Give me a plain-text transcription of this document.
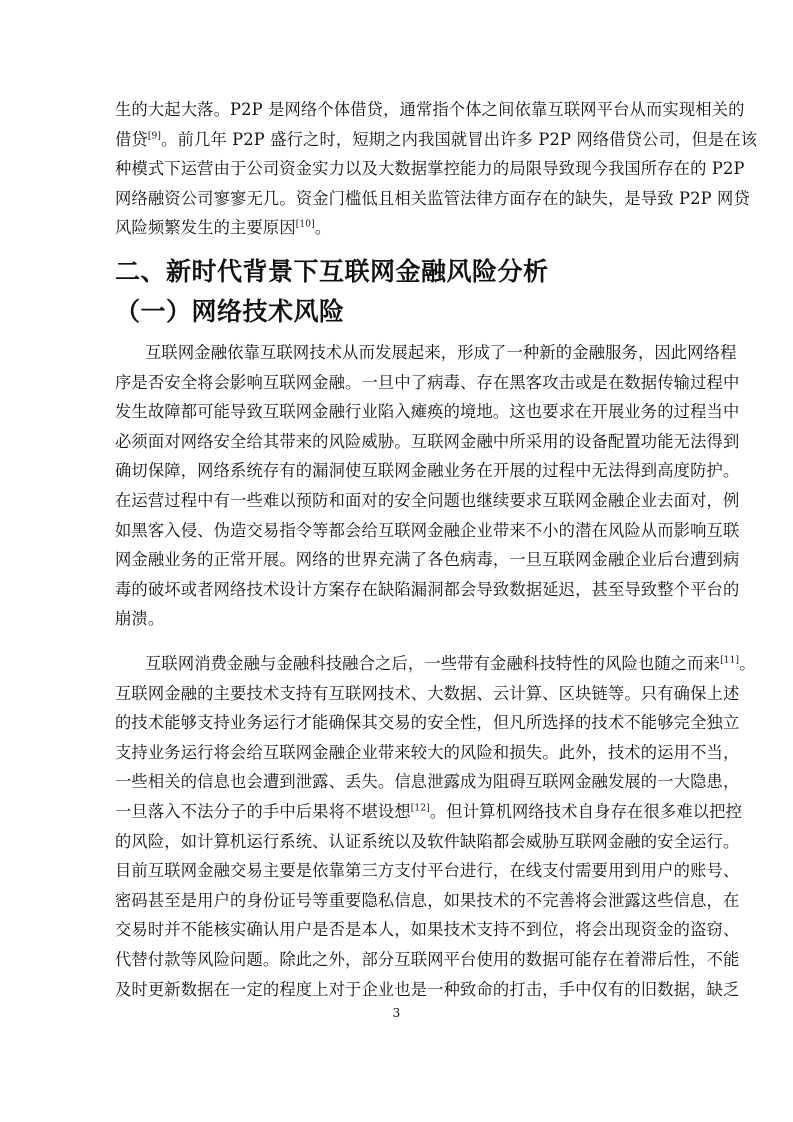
生的大起大落。P2P 是网络个体借贷，通常指个体之间依靠互联网平台从而实现相关的
借贷[9]。前几年 P2P 盛行之时，短期之内我国就冒出许多 P2P 网络借贷公司，但是在该
种模式下运营由于公司资金实力以及大数据掌控能力的局限导致现今我国所存在的 P2P
网络融资公司寥寥无几。资金门槛低且相关监管法律方面存在的缺失，是导致 P2P 网贷
风险频繁发生的主要原因[10]。
二、新时代背景下互联网金融风险分析
（一）网络技术风险
互联网金融依靠互联网技术从而发展起来，形成了一种新的金融服务，因此网络程
序是否安全将会影响互联网金融。一旦中了病毒、存在黑客攻击或是在数据传输过程中
发生故障都可能导致互联网金融行业陷入瘫痪的境地。这也要求在开展业务的过程当中
必须面对网络安全给其带来的风险威胁。互联网金融中所采用的设备配置功能无法得到
确切保障，网络系统存有的漏洞使互联网金融业务在开展的过程中无法得到高度防护。
在运营过程中有一些难以预防和面对的安全问题也继续要求互联网金融企业去面对，例
如黑客入侵、伪造交易指令等都会给互联网金融企业带来不小的潜在风险从而影响互联
网金融业务的正常开展。网络的世界充满了各色病毒，一旦互联网金融企业后台遭到病
毒的破坏或者网络技术设计方案存在缺陷漏洞都会导致数据延迟，甚至导致整个平台的
崩溃。
互联网消费金融与金融科技融合之后，一些带有金融科技特性的风险也随之而来[11]。
互联网金融的主要技术支持有互联网技术、大数据、云计算、区块链等。只有确保上述
的技术能够支持业务运行才能确保其交易的安全性，但凡所选择的技术不能够完全独立
支持业务运行将会给互联网金融企业带来较大的风险和损失。此外，技术的运用不当，
一些相关的信息也会遭到泄露、丢失。信息泄露成为阻碍互联网金融发展的一大隐患，
一旦落入不法分子的手中后果将不堪设想[12]。但计算机网络技术自身存在很多难以把控
的风险，如计算机运行系统、认证系统以及软件缺陷都会威胁互联网金融的安全运行。
目前互联网金融交易主要是依靠第三方支付平台进行，在线支付需要用到用户的账号、
密码甚至是用户的身份证号等重要隐私信息，如果技术的不完善将会泄露这些信息，在
交易时并不能核实确认用户是否是本人，如果技术支持不到位，将会出现资金的盗窃、
代替付款等风险问题。除此之外，部分互联网平台使用的数据可能存在着滞后性，不能
及时更新数据在一定的程度上对于企业也是一种致命的打击，手中仅有的旧数据，缺乏
3
